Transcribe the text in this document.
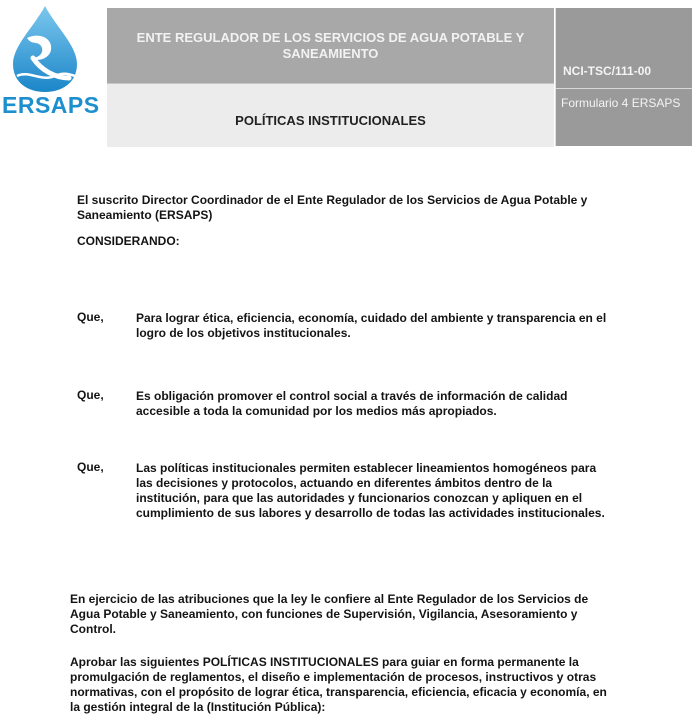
ERSAPS
ENTE REGULADOR DE LOS SERVICIOS DE AGUA POTABLE Y
SANEAMIENTO
POLÍTICAS INSTITUCIONALES
NCI-TSC/111-00
Formulario 4 ERSAPS
El suscrito Director Coordinador de el Ente Regulador de los Servicios de Agua Potable y Saneamiento (ERSAPS)
CONSIDERANDO:
Que,	Para lograr ética, eficiencia, economía, cuidado del ambiente y transparencia en el logro de los objetivos institucionales.
Que,	Es obligación promover el control social a través de información de calidad accesible a toda la comunidad por los medios más apropiados.
Que,	Las políticas institucionales permiten establecer lineamientos homogéneos para las decisiones y protocolos, actuando en diferentes ámbitos dentro de la institución, para que las autoridades y funcionarios conozcan y apliquen en el cumplimiento de sus labores y desarrollo de todas las actividades institucionales.
En ejercicio de las atribuciones que la ley le confiere al Ente Regulador de los Servicios de Agua Potable y Saneamiento, con funciones de Supervisión, Vigilancia, Asesoramiento y Control.
Aprobar las siguientes POLÍTICAS INSTITUCIONALES para guiar en forma permanente la promulgación de reglamentos, el diseño e implementación de procesos, instructivos y otras normativas, con el propósito de lograr ética, transparencia, eficiencia, eficacia y economía, en la gestión integral de la (Institución Pública):
